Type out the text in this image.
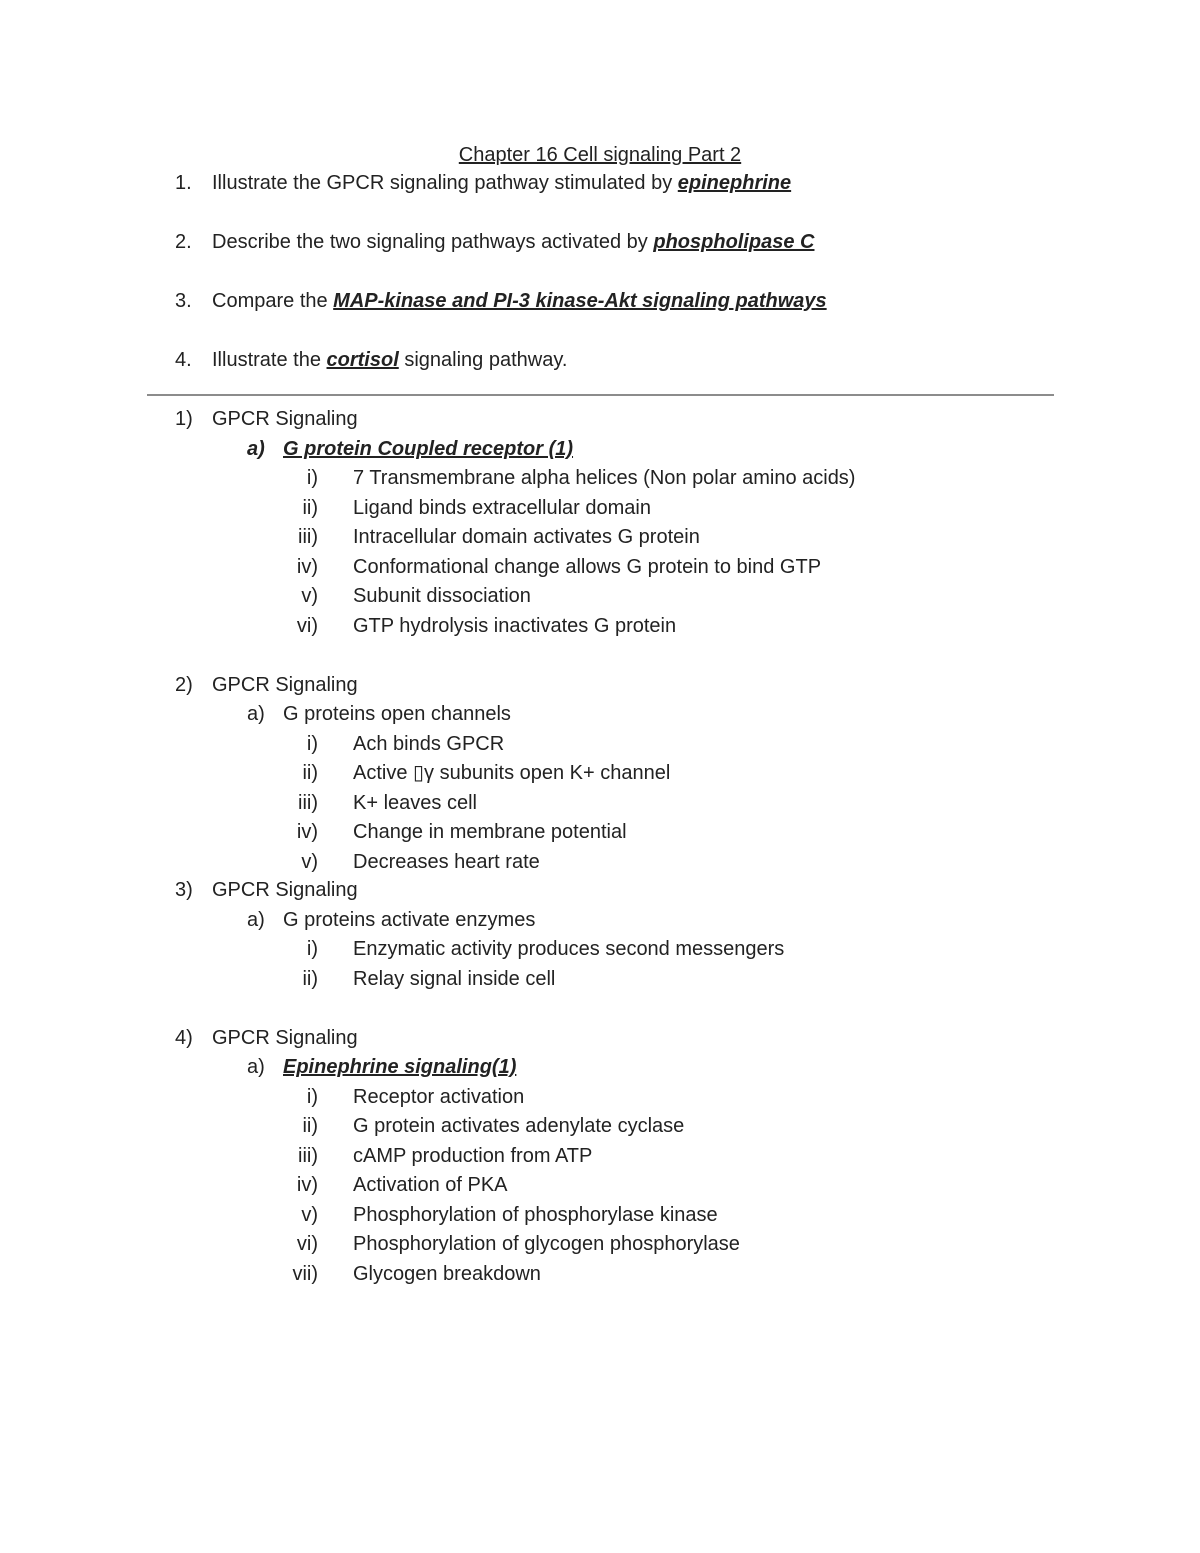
Chapter 16 Cell signaling Part 2
1. Illustrate the GPCR signaling pathway stimulated by epinephrine
2. Describe the two signaling pathways activated by phospholipase C
3. Compare the MAP-kinase and PI-3 kinase-Akt signaling pathways
4. Illustrate the cortisol signaling pathway.
1) GPCR Signaling
a) G protein Coupled receptor (1)
i) 7 Transmembrane alpha helices (Non polar amino acids)
ii) Ligand binds extracellular domain
iii) Intracellular domain activates G protein
iv) Conformational change allows G protein to bind GTP
v) Subunit dissociation
vi) GTP hydrolysis inactivates G protein
2) GPCR Signaling
a) G proteins open channels
i) Ach binds GPCR
ii) Active ▯γ subunits open K+ channel
iii) K+ leaves cell
iv) Change in membrane potential
v) Decreases heart rate
3) GPCR Signaling
a) G proteins activate enzymes
i) Enzymatic activity produces second messengers
ii) Relay signal inside cell
4) GPCR Signaling
a) Epinephrine signaling(1)
i) Receptor activation
ii) G protein activates adenylate cyclase
iii) cAMP production from ATP
iv) Activation of PKA
v) Phosphorylation of phosphorylase kinase
vi) Phosphorylation of glycogen phosphorylase
vii) Glycogen breakdown
